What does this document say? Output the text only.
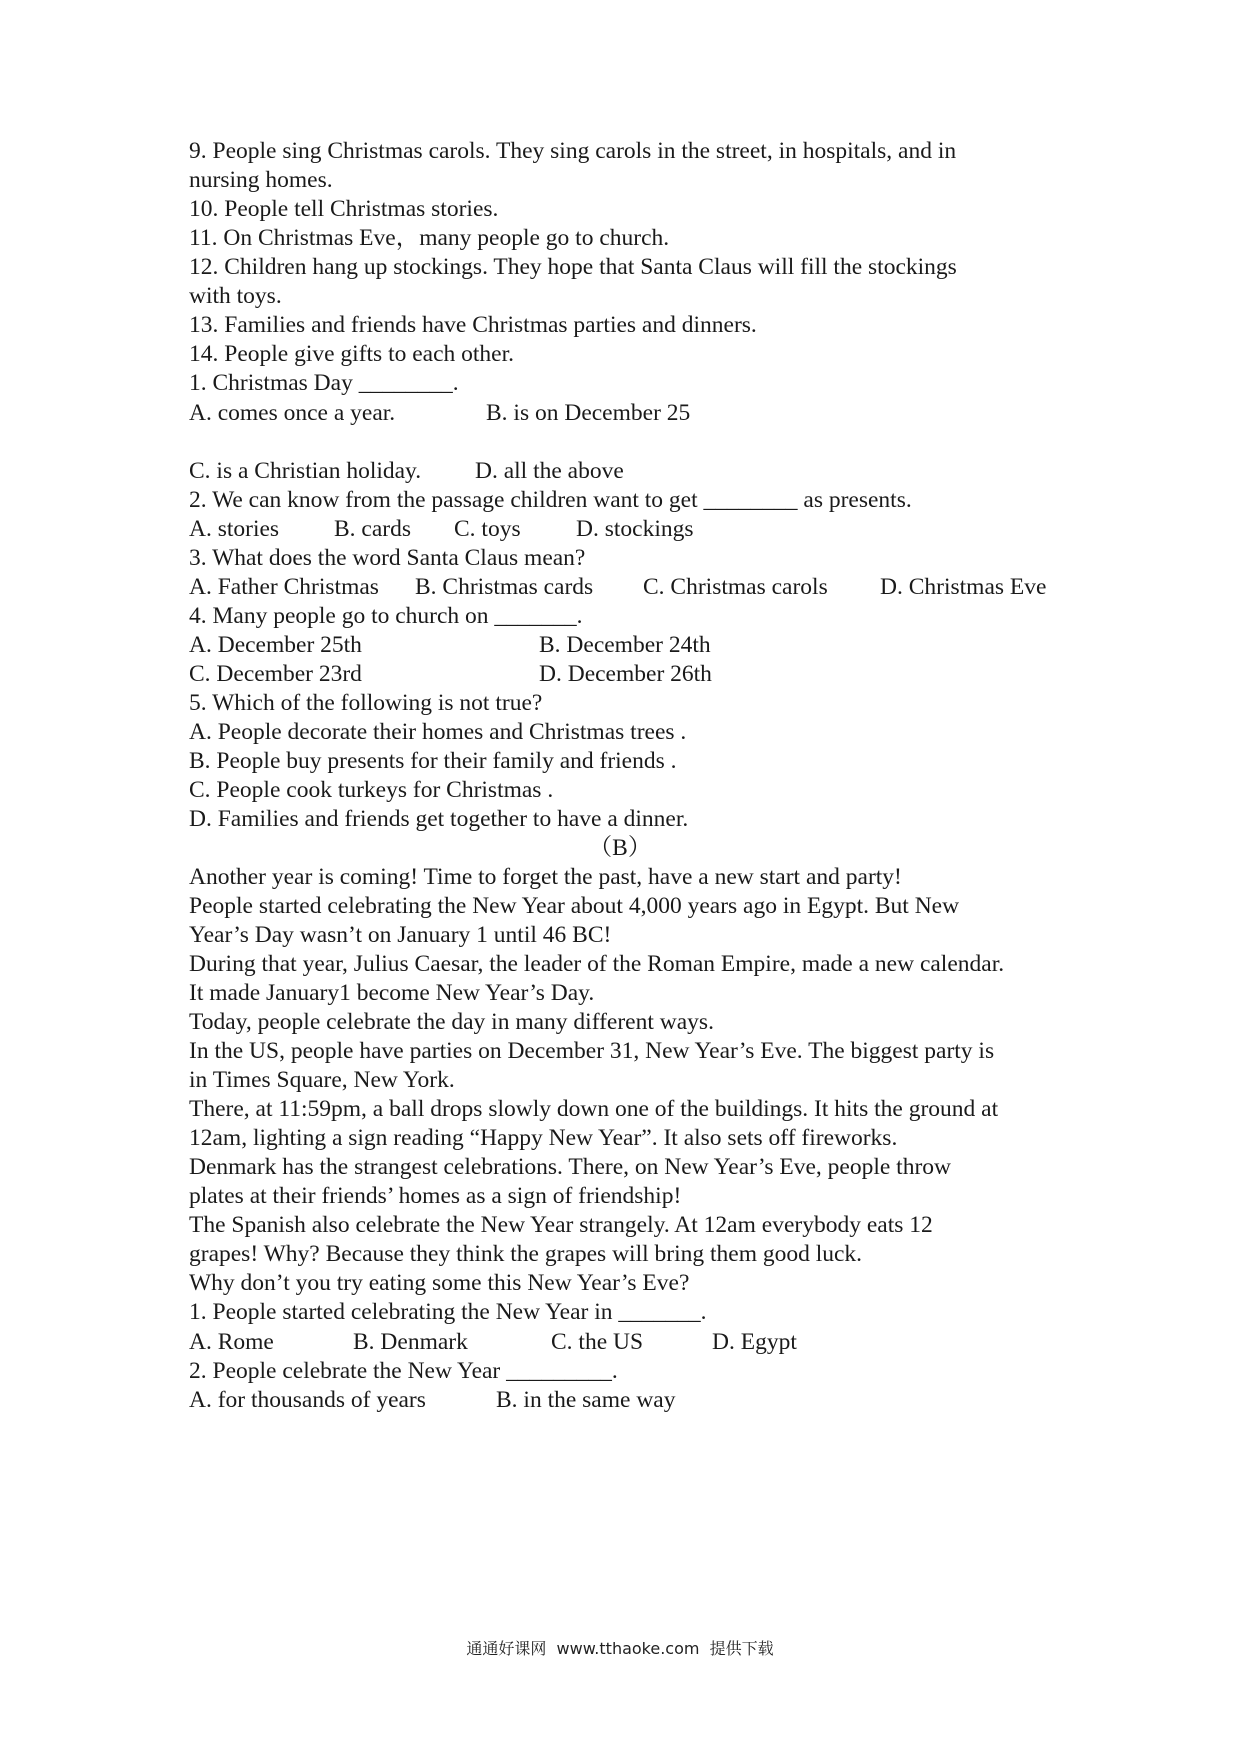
9. People sing Christmas carols. They sing carols in the street, in hospitals, and in
nursing homes.
10. People tell Christmas stories.
11. On Christmas Eve，many people go to church.
12. Children hang up stockings. They hope that Santa Claus will fill the stockings
with toys.
13. Families and friends have Christmas parties and dinners.
14. People give gifts to each other.
1. Christmas Day ________.
A. comes once a year.	B. is on December 25
C. is a Christian holiday. D. all the above
2. We can know from the passage children want to get ________ as presents.
A. stories B. cards C. toys D. stockings
3. What does the word Santa Claus mean?
A. Father Christmas B. Christmas cards C. Christmas carols D. Christmas Eve
4. Many people go to church on _______.
A. December 25th	B. December 24th
C. December 23rd	D. December 26th
5. Which of the following is not true?
A. People decorate their homes and Christmas trees .
B. People buy presents for their family and friends .
C. People cook turkeys for Christmas .
D. Families and friends get together to have a dinner.
（B）
Another year is coming! Time to forget the past, have a new start and party!
People started celebrating the New Year about 4,000 years ago in Egypt. But New
Year’s Day wasn’t on January 1 until 46 BC!
During that year, Julius Caesar, the leader of the Roman Empire, made a new calendar.
It made January1 become New Year’s Day.
Today, people celebrate the day in many different ways.
In the US, people have parties on December 31, New Year’s Eve. The biggest party is
in Times Square, New York.
There, at 11:59pm, a ball drops slowly down one of the buildings. It hits the ground at
12am, lighting a sign reading “Happy New Year”. It also sets off fireworks.
Denmark has the strangest celebrations. There, on New Year’s Eve, people throw
plates at their friends’ homes as a sign of friendship!
The Spanish also celebrate the New Year strangely. At 12am everybody eats 12
grapes! Why? Because they think the grapes will bring them good luck.
Why don’t you try eating some this New Year’s Eve?
1. People started celebrating the New Year in _______.
A. Rome	B. Denmark	C. the US	D. Egypt
2. People celebrate the New Year _________.
A. for thousands of years	B. in the same way
通通好课网  www.tthaoke.com  提供下载
